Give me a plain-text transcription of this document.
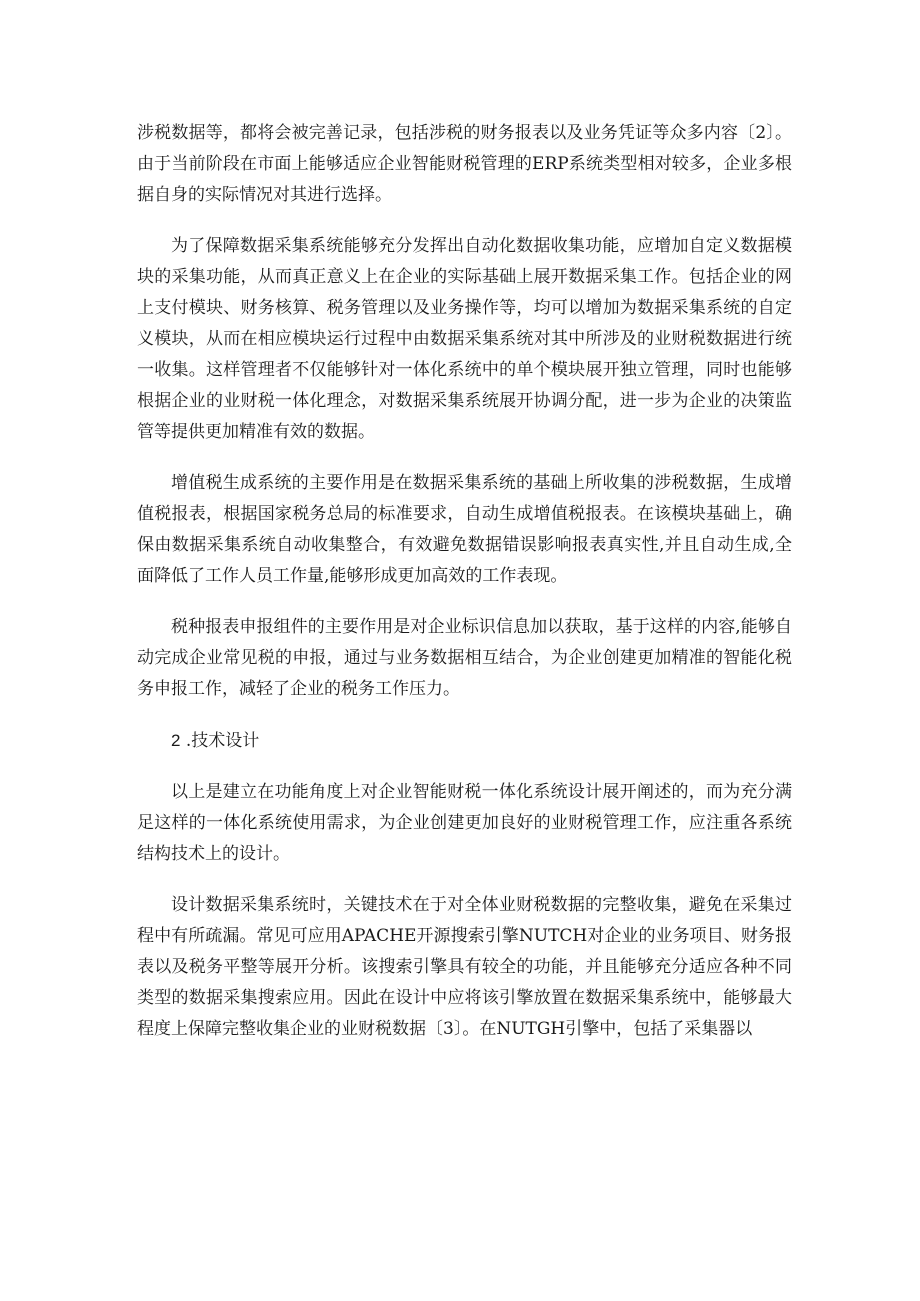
涉税数据等，都将会被完善记录，包括涉税的财务报表以及业务凭证等众多内容〔2〕。由于当前阶段在市面上能够适应企业智能财税管理的ERP系统类型相对较多，企业多根据自身的实际情况对其进行选择。

为了保障数据采集系统能够充分发挥出自动化数据收集功能，应增加自定义数据模块的采集功能，从而真正意义上在企业的实际基础上展开数据采集工作。包括企业的网上支付模块、财务核算、税务管理以及业务操作等，均可以增加为数据采集系统的自定义模块，从而在相应模块运行过程中由数据采集系统对其中所涉及的业财税数据进行统一收集。这样管理者不仅能够针对一体化系统中的单个模块展开独立管理，同时也能够根据企业的业财税一体化理念，对数据采集系统展开协调分配，进一步为企业的决策监管等提供更加精准有效的数据。

增值税生成系统的主要作用是在数据采集系统的基础上所收集的涉税数据，生成增值税报表，根据国家税务总局的标准要求，自动生成增值税报表。在该模块基础上，确保由数据采集系统自动收集整合，有效避免数据错误影响报表真实性,并且自动生成,全面降低了工作人员工作量,能够形成更加高效的工作表现。

税种报表申报组件的主要作用是对企业标识信息加以获取，基于这样的内容,能够自动完成企业常见税的申报，通过与业务数据相互结合，为企业创建更加精准的智能化税务申报工作，减轻了企业的税务工作压力。

2 .技术设计

以上是建立在功能角度上对企业智能财税一体化系统设计展开阐述的，而为充分满足这样的一体化系统使用需求，为企业创建更加良好的业财税管理工作，应注重各系统结构技术上的设计。

设计数据采集系统时，关键技术在于对全体业财税数据的完整收集，避免在采集过程中有所疏漏。常见可应用APACHE开源搜索引擎NUTCH对企业的业务项目、财务报表以及税务平整等展开分析。该搜索引擎具有较全的功能，并且能够充分适应各种不同类型的数据采集搜索应用。因此在设计中应将该引擎放置在数据采集系统中，能够最大程度上保障完整收集企业的业财税数据〔3〕。在NUTGH引擎中，包括了采集器以
